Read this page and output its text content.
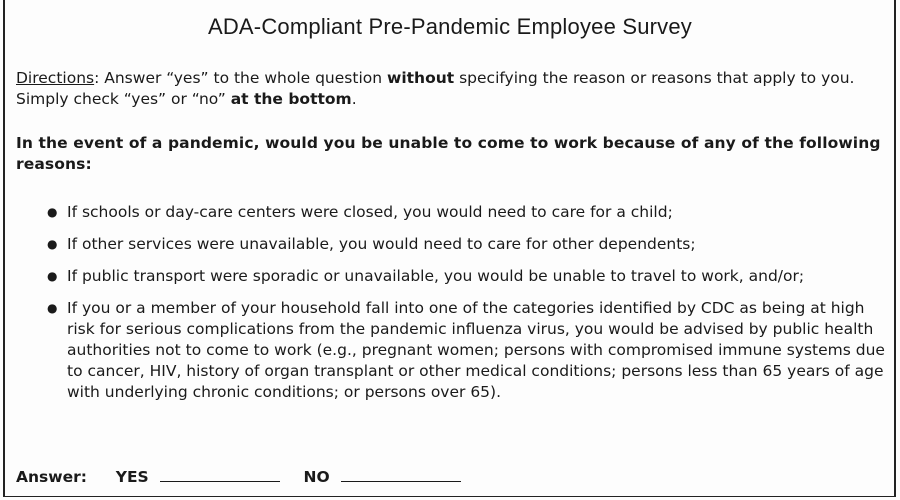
ADA-Compliant Pre-Pandemic Employee Survey
Directions: Answer “yes” to the whole question without specifying the reason or reasons that apply to you. Simply check “yes” or “no” at the bottom.
In the event of a pandemic, would you be unable to come to work because of any of the following reasons:
● If schools or day-care centers were closed, you would need to care for a child;
● If other services were unavailable, you would need to care for other dependents;
● If public transport were sporadic or unavailable, you would be unable to travel to work, and/or;
● If you or a member of your household fall into one of the categories identified by CDC as being at high risk for serious complications from the pandemic influenza virus, you would be advised by public health authorities not to come to work (e.g., pregnant women; persons with compromised immune systems due to cancer, HIV, history of organ transplant or other medical conditions; persons less than 65 years of age with underlying chronic conditions; or persons over 65).
Answer: YES	NO
